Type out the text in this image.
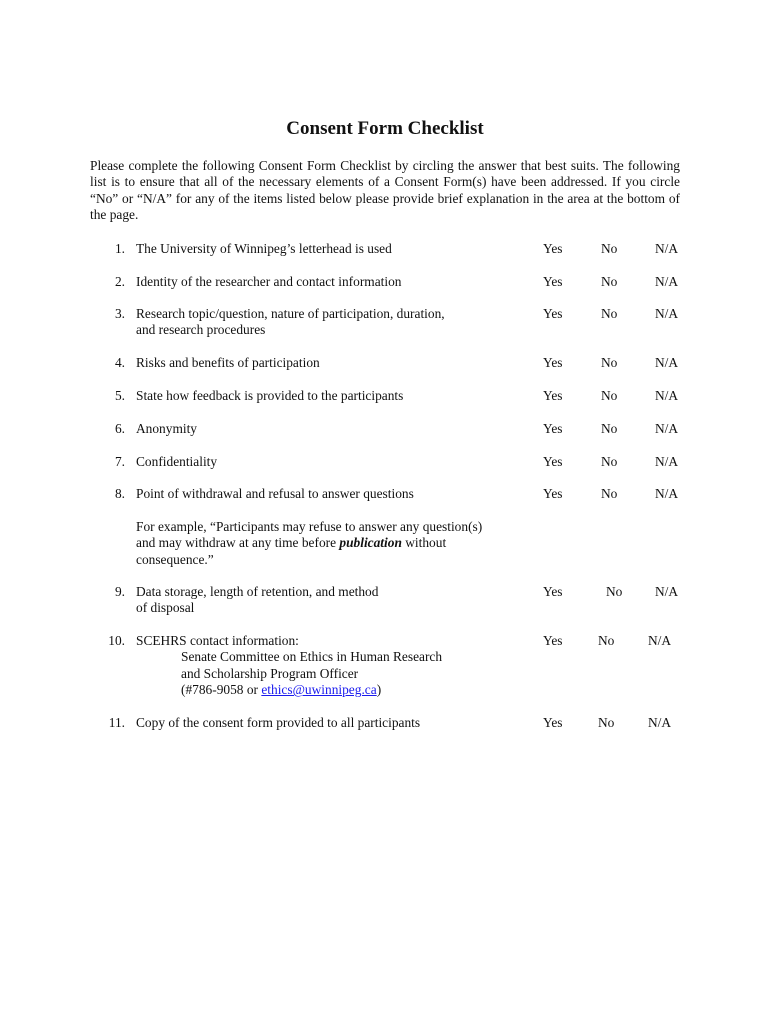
Consent Form Checklist
Please complete the following Consent Form Checklist by circling the answer that best suits. The following list is to ensure that all of the necessary elements of a Consent Form(s) have been addressed. If you circle “No” or “N/A” for any of the items listed below please provide brief explanation in the area at the bottom of the page.
1. The University of Winnipeg’s letterhead is used	Yes	No	N/A
2. Identity of the researcher and contact information	Yes	No	N/A
3. Research topic/question, nature of participation, duration,
and research procedures
Yes	No	N/A
4. Risks and benefits of participation	Yes	No	N/A
5. State how feedback is provided to the participants	Yes	No	N/A
6. Anonymity	Yes	No	N/A
7. Confidentiality	Yes	No	N/A
8. Point of withdrawal and refusal to answer questions	Yes	No	N/A
For example, “Participants may refuse to answer any question(s)
and may withdraw at any time before publication without
consequence.”
9. Data storage, length of retention, and method
of disposal
Yes	No N/A
10. SCEHRS contact information:
Senate Committee on Ethics in Human Research
and Scholarship Program Officer
(#786-9058 or ethics@uwinnipeg.ca)
Yes	No	N/A
11. Copy of the consent form provided to all participants	Yes	No	N/A
